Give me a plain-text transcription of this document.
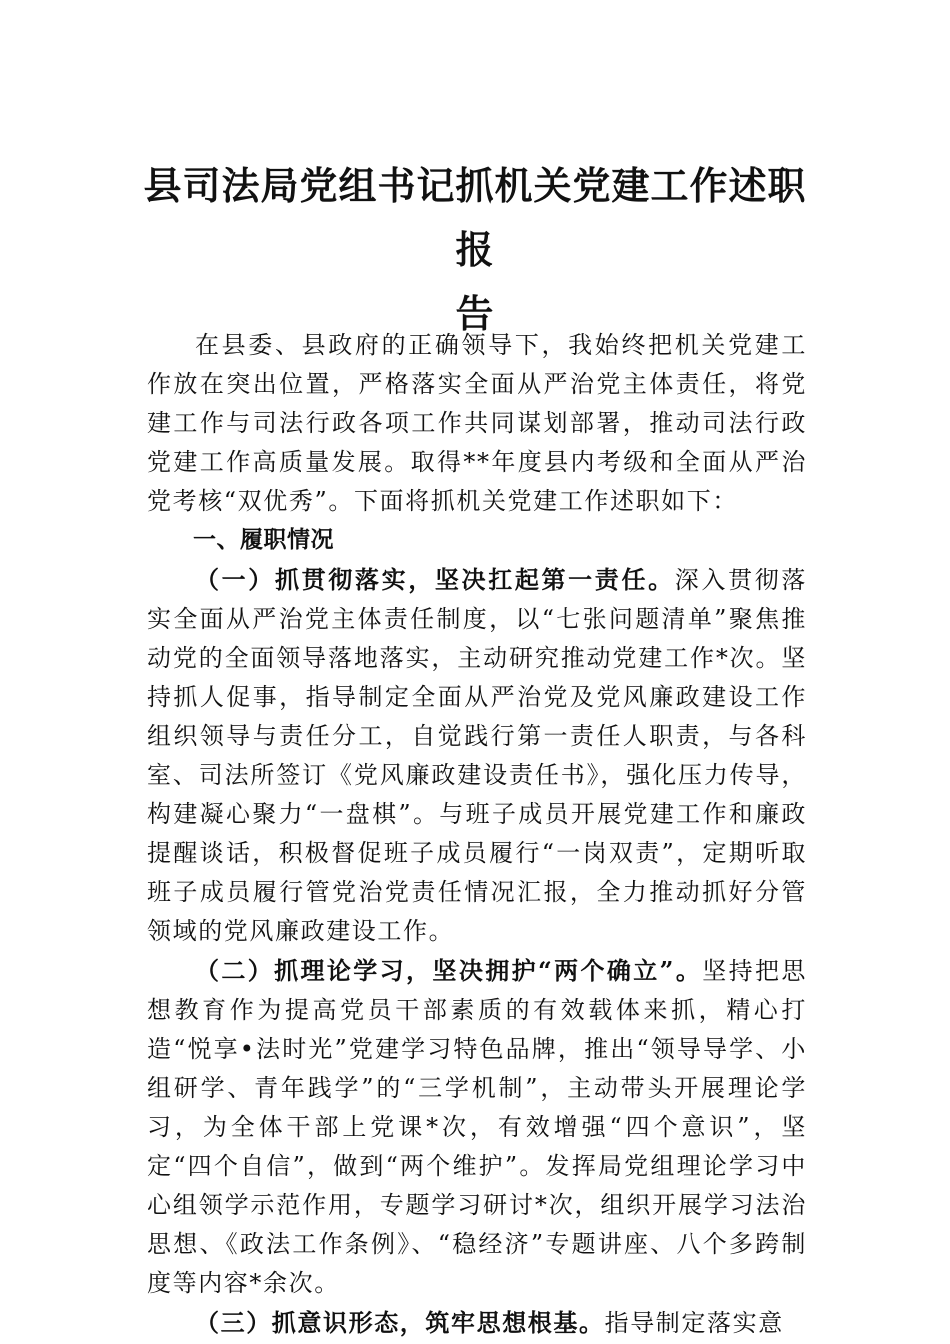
县司法局党组书记抓机关党建工作述职报
告

在县委、县政府的正确领导下，我始终把机关党建工作放在突出位置，严格落实全面从严治党主体责任，将党建工作与司法行政各项工作共同谋划部署，推动司法行政党建工作高质量发展。取得**年度县内考级和全面从严治党考核“双优秀”。下面将抓机关党建工作述职如下：

一、履职情况

（一）抓贯彻落实，坚决扛起第一责任。深入贯彻落实全面从严治党主体责任制度，以“七张问题清单”聚焦推动党的全面领导落地落实，主动研究推动党建工作*次。坚持抓人促事，指导制定全面从严治党及党风廉政建设工作组织领导与责任分工，自觉践行第一责任人职责，与各科室、司法所签订《党风廉政建设责任书》，强化压力传导，构建凝心聚力“一盘棋”。与班子成员开展党建工作和廉政提醒谈话，积极督促班子成员履行“一岗双责”，定期听取班子成员履行管党治党责任情况汇报，全力推动抓好分管领域的党风廉政建设工作。

（二）抓理论学习，坚决拥护“两个确立”。坚持把思想教育作为提高党员干部素质的有效载体来抓，精心打造“悦享•法时光”党建学习特色品牌，推出“领导导学、小组研学、青年践学”的“三学机制”，主动带头开展理论学习，为全体干部上党课*次，有效增强“四个意识”，坚定“四个自信”，做到“两个维护”。发挥局党组理论学习中心组领学示范作用，专题学习研讨*次，组织开展学习法治思想、《政法工作条例》、“稳经济”专题讲座、八个多跨制度等内容*余次。

（三）抓意识形态，筑牢思想根基。指导制定落实意
